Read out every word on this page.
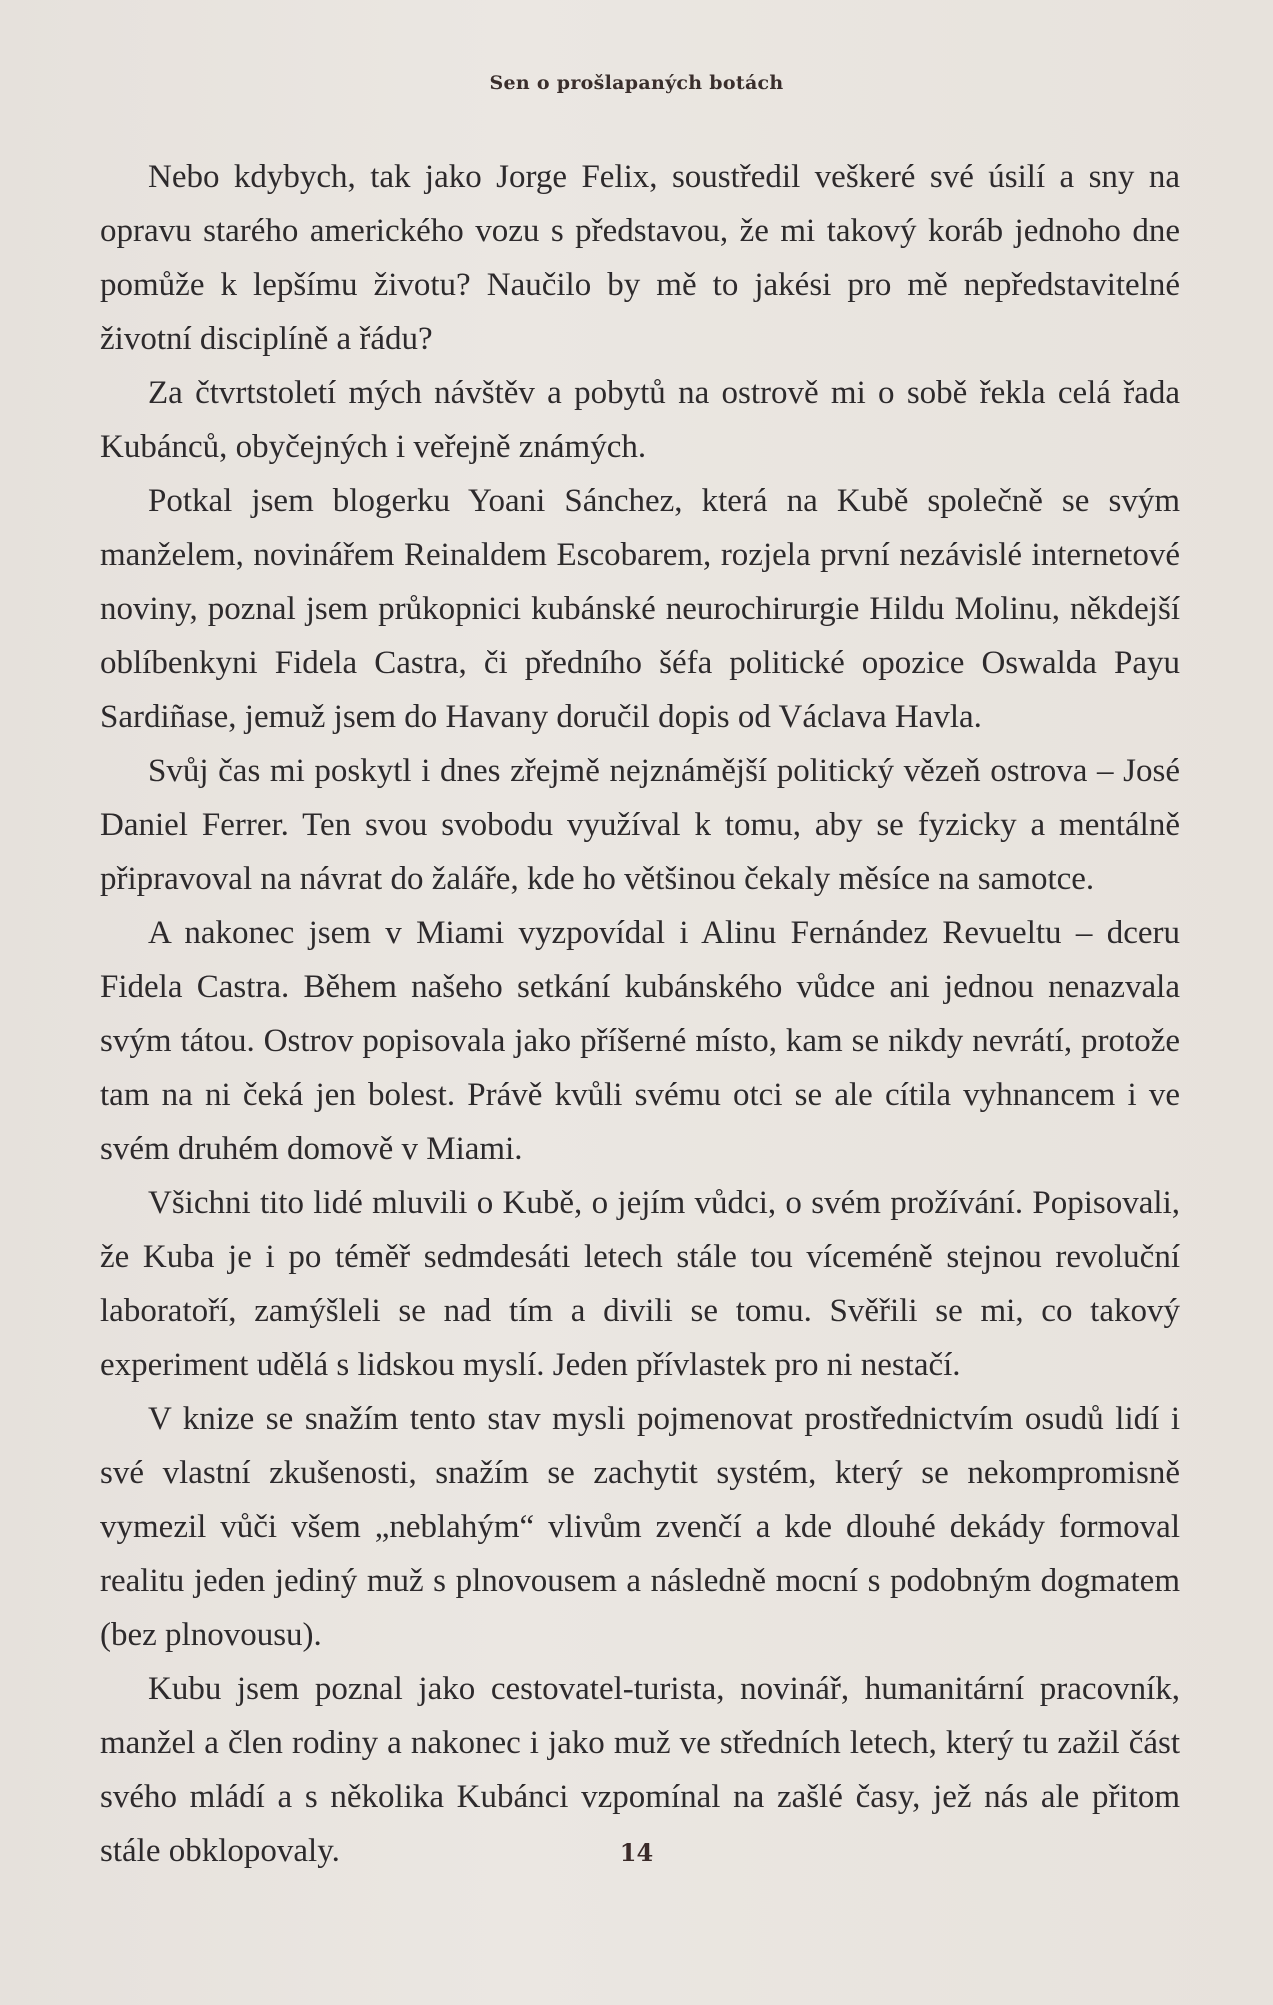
Sen o prošlapaných botách

Nebo kdybych, tak jako Jorge Felix, soustředil veškeré své úsilí a sny na opravu starého amerického vozu s představou, že mi takový koráb jednoho dne pomůže k lepšímu životu? Naučilo by mě to jakési pro mě nepředstavitelné životní disciplíně a řádu?

Za čtvrtstoletí mých návštěv a pobytů na ostrově mi o sobě řekla celá řada Kubánců, obyčejných i veřejně známých.

Potkal jsem blogerku Yoani Sánchez, která na Kubě společně se svým manželem, novinářem Reinaldem Escobarem, rozjela první nezávislé internetové noviny, poznal jsem průkopnici kubánské neurochirurgie Hildu Molinu, někdejší oblíbenkyni Fidela Castra, či předního šéfa politické opozice Oswalda Payu Sardiñase, jemuž jsem do Havany doručil dopis od Václava Havla.

Svůj čas mi poskytl i dnes zřejmě nejznámější politický vězeň ostrova – José Daniel Ferrer. Ten svou svobodu využíval k tomu, aby se fyzicky a mentálně připravoval na návrat do žaláře, kde ho většinou čekaly měsíce na samotce.

A nakonec jsem v Miami vyzpovídal i Alinu Fernández Revueltu – dceru Fidela Castra. Během našeho setkání kubánského vůdce ani jednou nenazvala svým tátou. Ostrov popisovala jako příšerné místo, kam se nikdy nevrátí, protože tam na ni čeká jen bolest. Právě kvůli svému otci se ale cítila vyhnancem i ve svém druhém domově v Miami.

Všichni tito lidé mluvili o Kubě, o jejím vůdci, o svém prožívání. Popisovali, že Kuba je i po téměř sedmdesáti letech stále tou víceméně stejnou revoluční laboratoří, zamýšleli se nad tím a divili se tomu. Svěřili se mi, co takový experiment udělá s lidskou myslí. Jeden přívlastek pro ni nestačí.

V knize se snažím tento stav mysli pojmenovat prostřednictvím osudů lidí i své vlastní zkušenosti, snažím se zachytit systém, který se nekompromisně vymezil vůči všem „neblahým“ vlivům zvenčí a kde dlouhé dekády formoval realitu jeden jediný muž s plnovousem a následně mocní s podobným dogmatem (bez plnovousu).

Kubu jsem poznal jako cestovatel-turista, novinář, humanitární pracovník, manžel a člen rodiny a nakonec i jako muž ve středních letech, který tu zažil část svého mládí a s několika Kubánci vzpomínal na zašlé časy, jež nás ale přitom stále obklopovaly.	14
